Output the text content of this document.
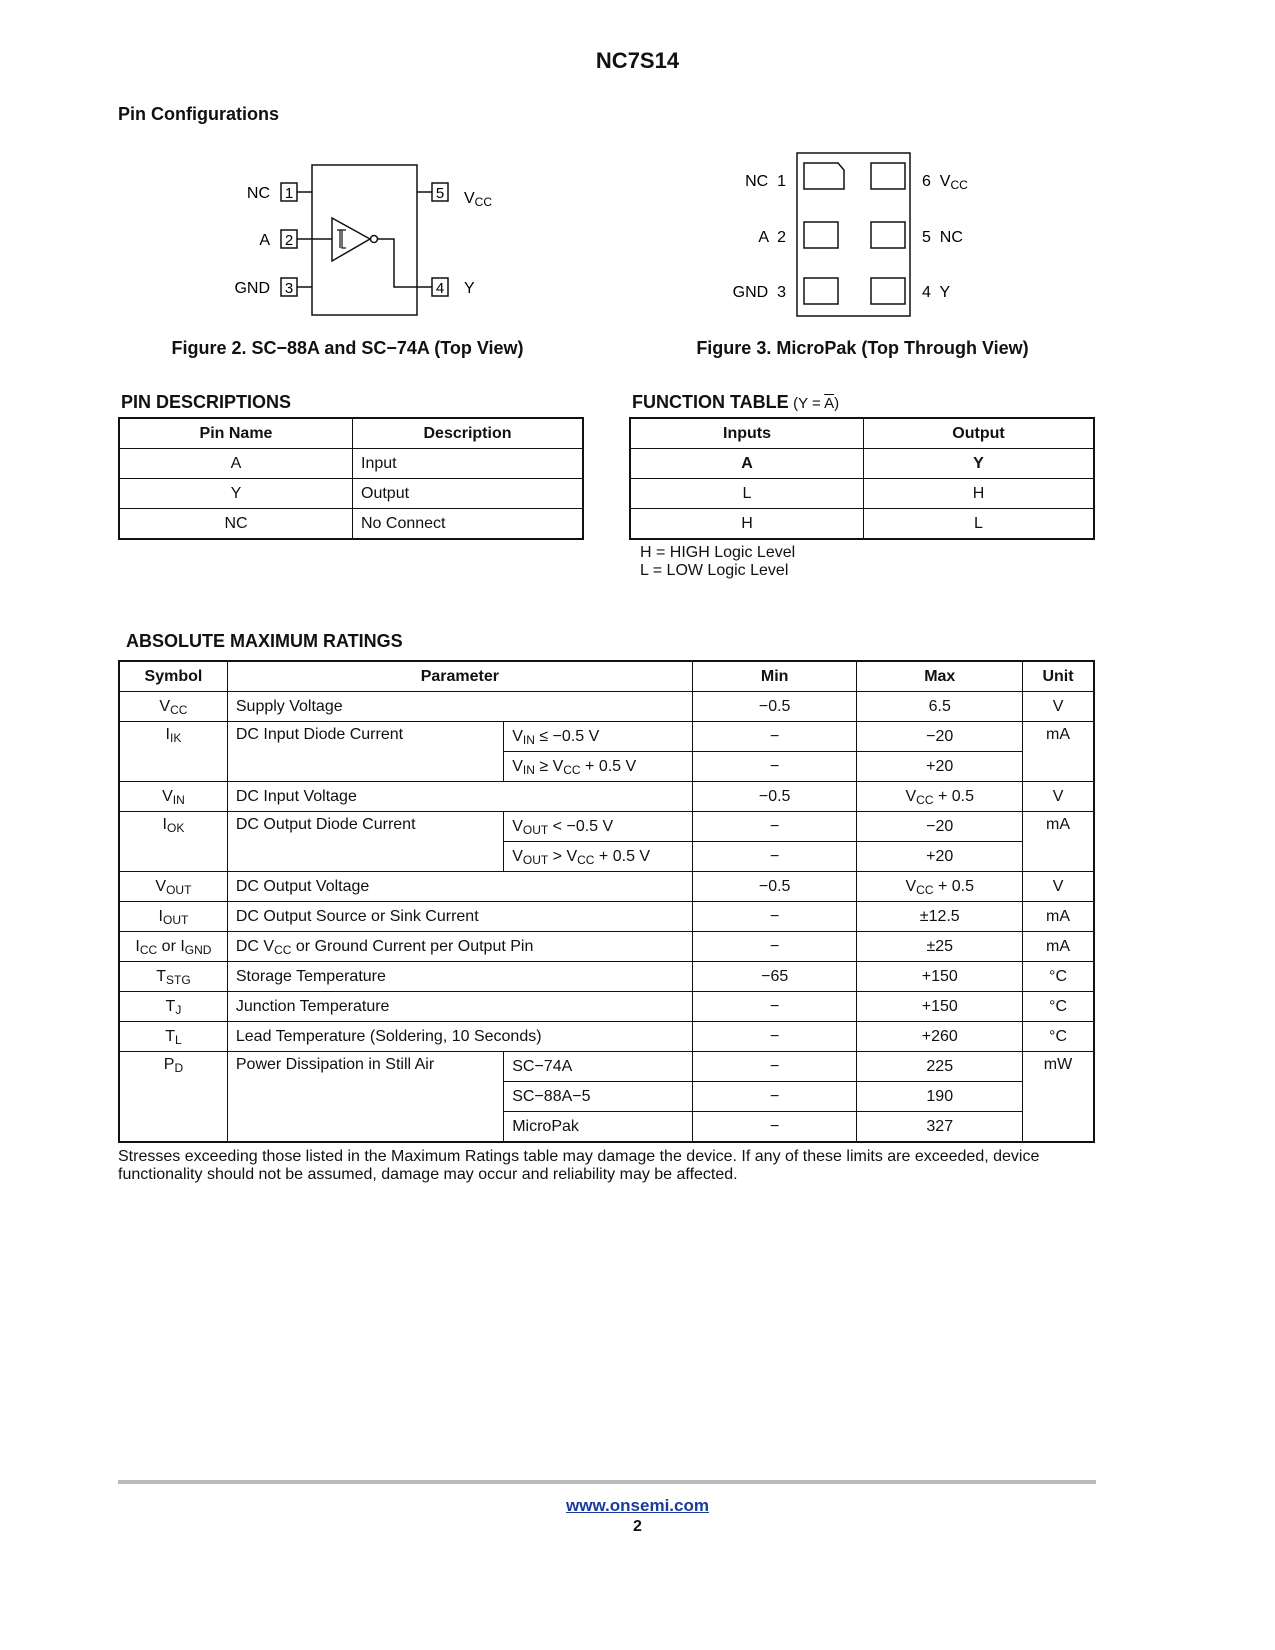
NC7S14
Pin Configurations
1
2
3
5
4
NC
A
GND
VCC
Y
NC  1
A  2
GND  3
6  VCC
5  NC
4  Y
Figure 2. SC−88A and SC−74A (Top View)	Figure 3. MicroPak (Top Through View)
PIN DESCRIPTIONS
Pin Name	Description
A	Input
Y	Output
NC	No Connect
FUNCTION TABLE $(Y = \overline{A})$
Inputs	Output
A	Y
L	H
H	L
H = HIGH Logic Level
L = LOW Logic Level
ABSOLUTE MAXIMUM RATINGS
Symbol	Parameter		Min	Max	Unit
$V_{CC}$	Supply Voltage		−0.5	6.5	V
$I_{IK}$	DC Input Diode Current	$V_{IN} \le -0.5$ V	−	−20	mA
		$V_{IN} \ge V_{CC} + 0.5$ V	−	+20	
$V_{IN}$	DC Input Voltage		−0.5	$V_{CC} + 0.5$	V
$I_{OK}$	DC Output Diode Current	$V_{OUT} < -0.5$ V	−	−20	mA
		$V_{OUT} > V_{CC} + 0.5$ V	−	+20	
$V_{OUT}$	DC Output Voltage		−0.5	$V_{CC} + 0.5$	V
$I_{OUT}$	DC Output Source or Sink Current		−	±12.5	mA
$I_{CC}$ or $I_{GND}$	DC $V_{CC}$ or Ground Current per Output Pin		−	±25	mA
$T_{STG}$	Storage Temperature		−65	+150	°C
$T_J$	Junction Temperature		−	+150	°C
$T_L$	Lead Temperature (Soldering, 10 Seconds)		−	+260	°C
$P_D$	Power Dissipation in Still Air	SC−74A	−	225	mW
		SC−88A−5	−	190	
		MicroPak	−	327	
Stresses exceeding those listed in the Maximum Ratings table may damage the device. If any of these limits are exceeded, device functionality should not be assumed, damage may occur and reliability may be affected.
www.onsemi.com
2
